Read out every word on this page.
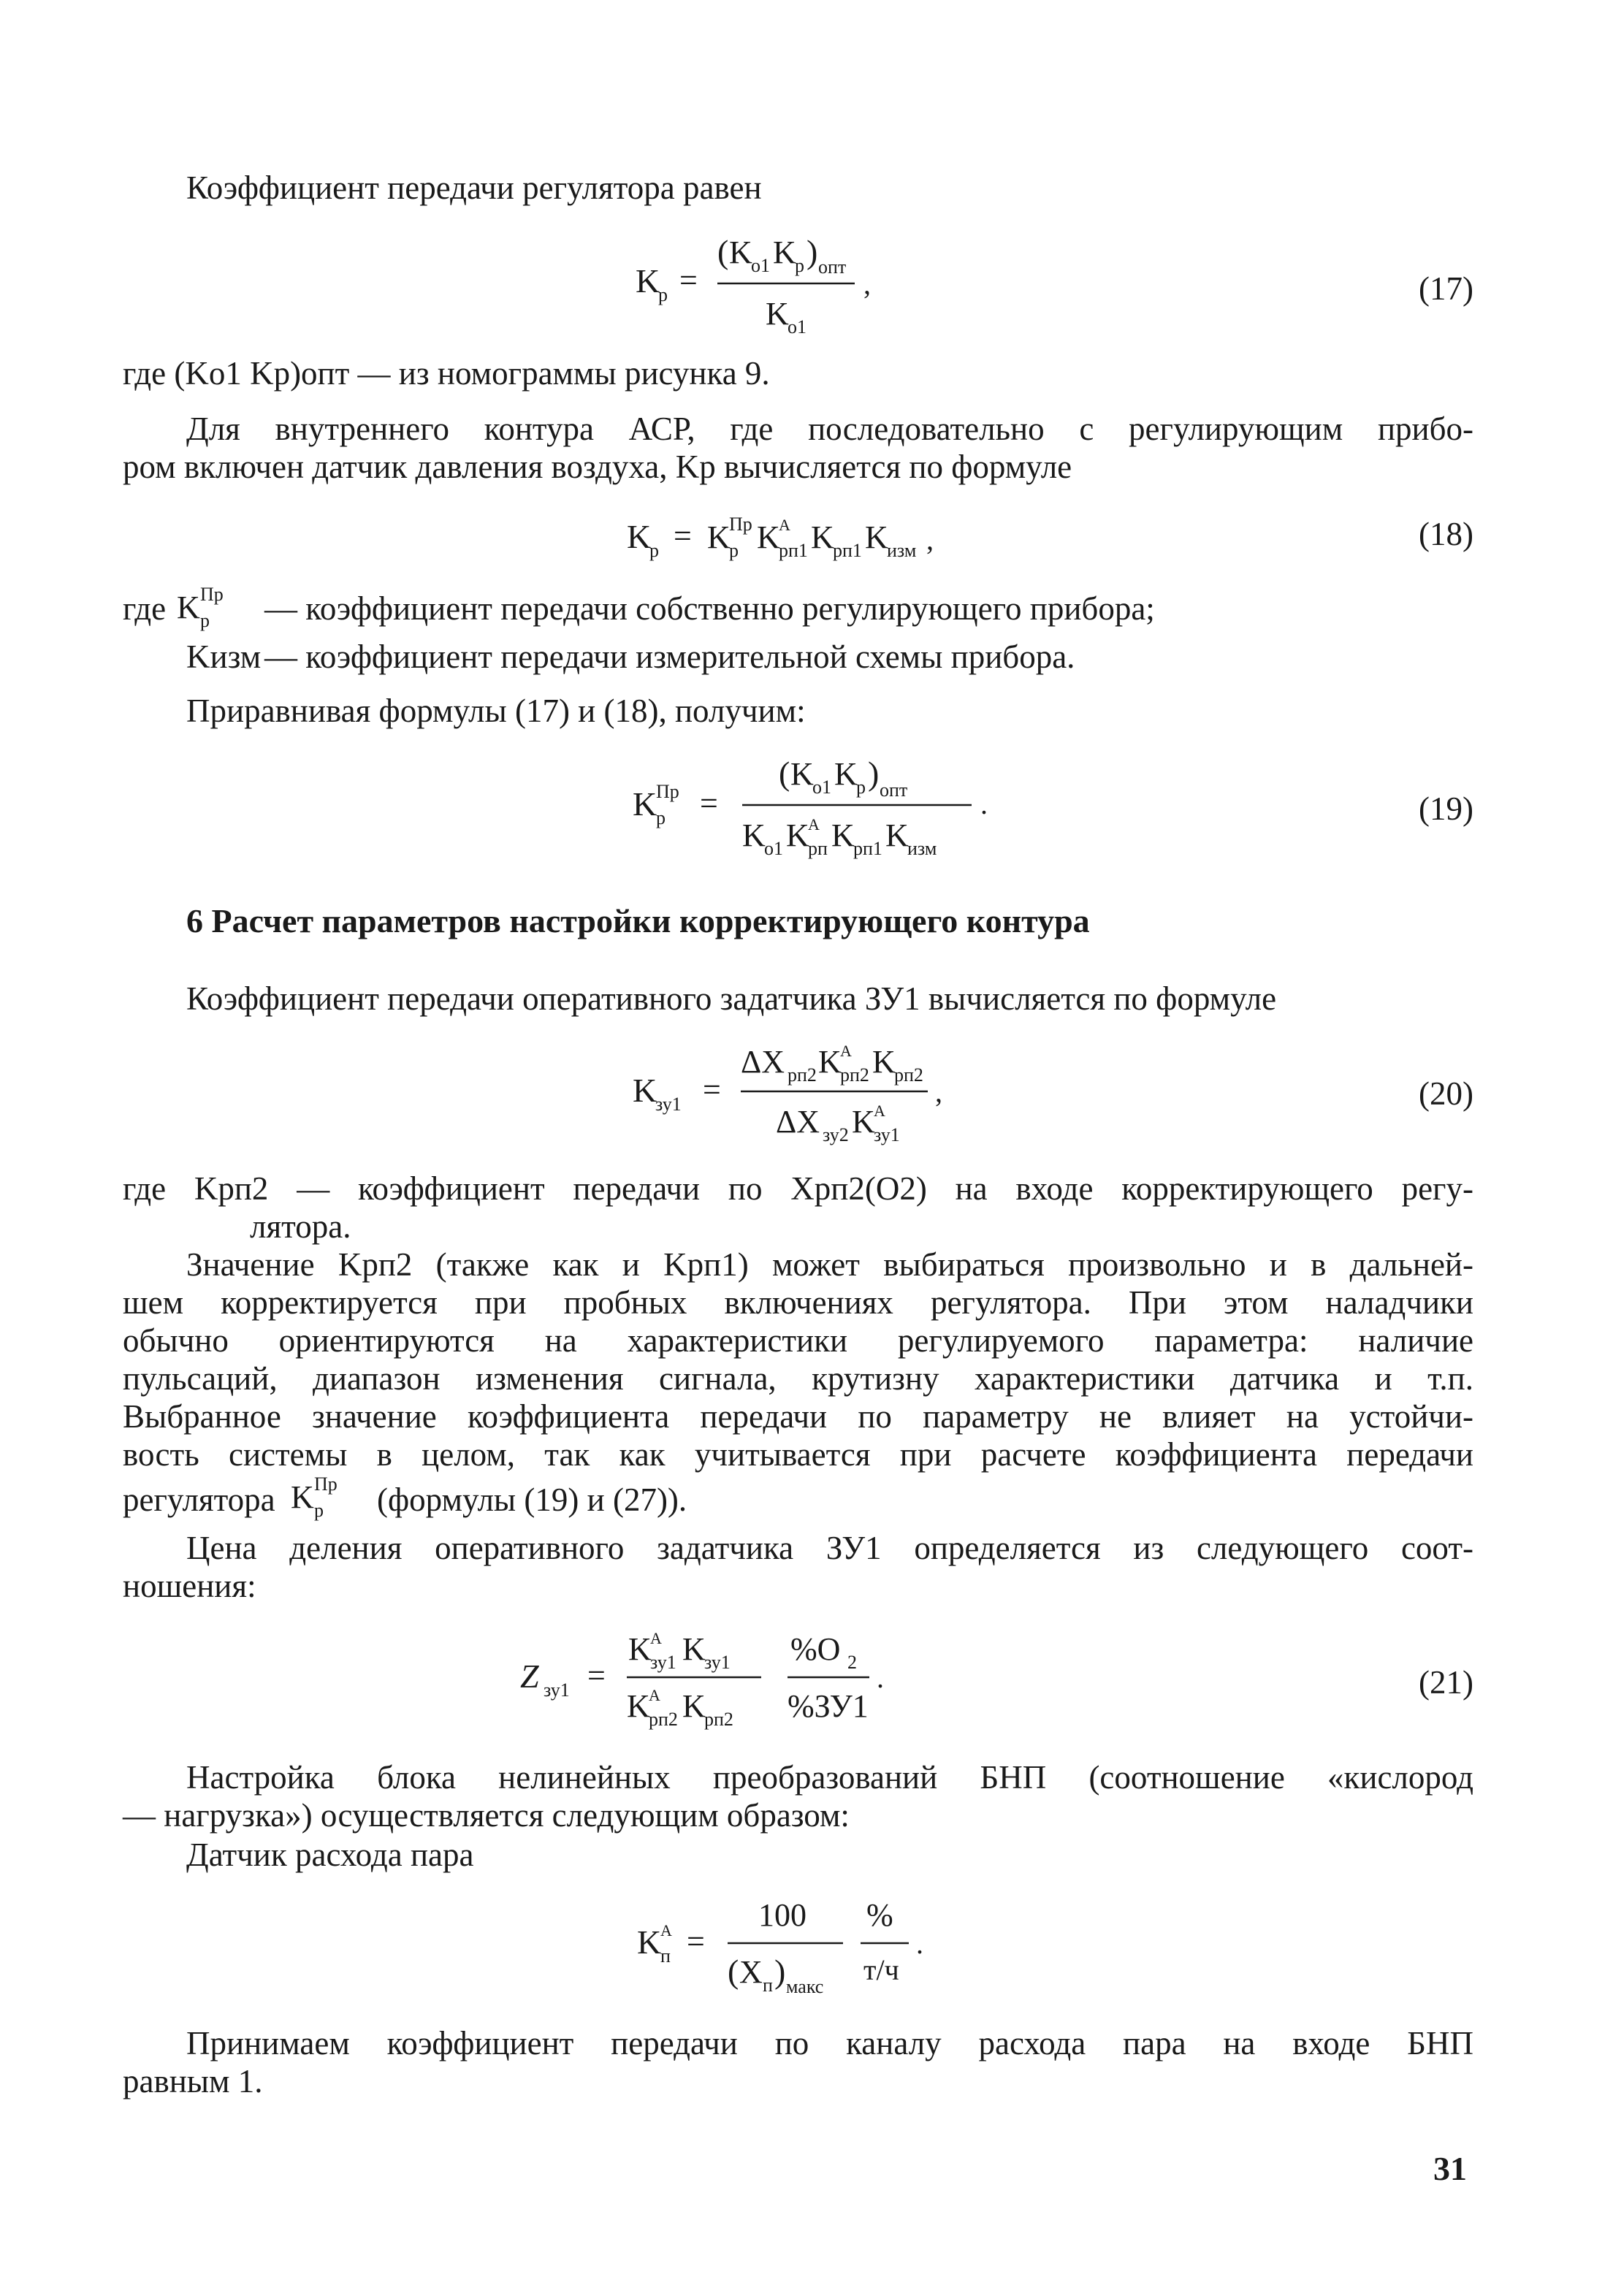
Коэффициент передачи регулятора равен
K
р =
( K
о1 K
р ) опт
K
о1
,	(17)
где (Kо1 Kр)опт — из номограммы рисунка 9.
Для внутреннего контура АСР, где последовательно с регулирующим прибо-
ром включен датчик давления воздуха, Kр вычисляется по формуле
K
р = K
Пр
р K
А
рп1 K
рп1 K
изм ,	(18)
где K Пр
р — коэффициент передачи собственно регулирующего прибора;
Kизм — коэффициент передачи измерительной схемы прибора.
Приравнивая формулы (17) и (18), получим:
K
Пр
р =
( K
о1 K
р ) опт
K
о1 K
А
рп K
рп1 K
изм
.	(19)
6 Расчет параметров настройки корректирующего контура
Коэффициент передачи оперативного задатчика ЗУ1 вычисляется по формуле
K
зу1 =
ΔX рп2 K
А
рп2 K
рп2
ΔX зу2 K
А
зу1
,	(20)
где Kрп2 — коэффициент передачи по Xрп2(O2) на входе корректирующего регу-
лятора.
Значение Kрп2 (также как и Kрп1) может выбираться произвольно и в дальней-
шем корректируется при пробных включениях регулятора. При этом наладчики
обычно ориентируются на характеристики регулируемого параметра: наличие
пульсаций, диапазон изменения сигнала, крутизну характеристики датчика и т.п.
Выбранное значение коэффициента передачи по параметру не влияет на устойчи-
вость системы в целом, так как учитывается при расчете коэффициента передачи
регулятора K Пр
р (формулы (19) и (27)).
Цена деления оперативного задатчика ЗУ1 определяется из следующего соот-
ношения:
Z зу1 =
K
А
зу1 K
зу1
K
А
рп2 K
рп2
%O 2
%ЗУ1
.	(21)
Настройка блока нелинейных преобразований БНП (соотношение «кислород
— нагрузка») осуществляется следующим образом:
Датчик расхода пара
K
А
п =
100
( X п ) макс
%
т/ч
.
Принимаем коэффициент передачи по каналу расхода пара на входе БНП
равным 1.
31
